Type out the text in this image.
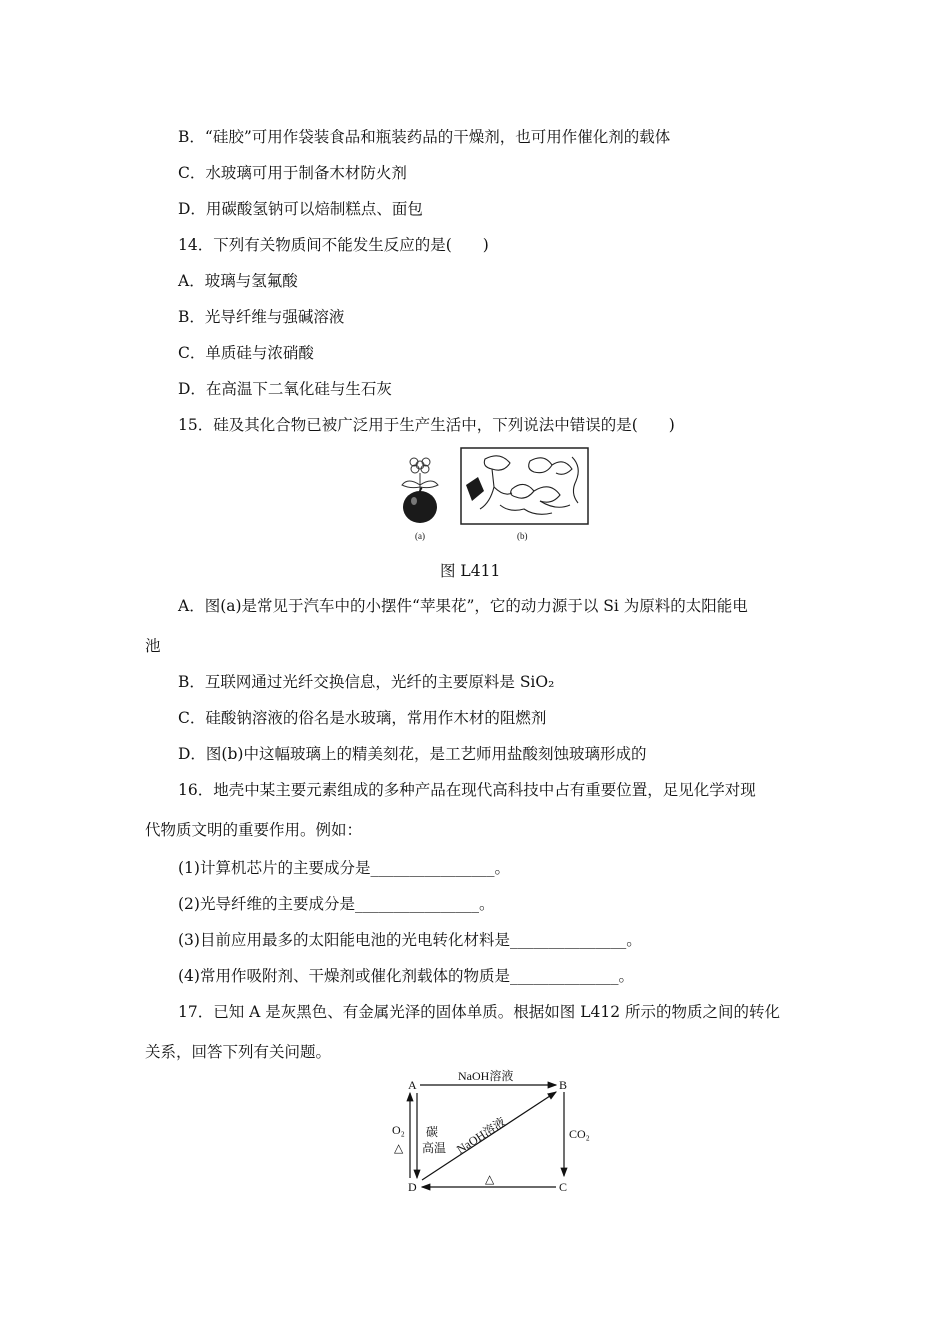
B．“硅胶”可用作袋装食品和瓶装药品的干燥剂，也可用作催化剂的载体
C．水玻璃可用于制备木材防火剂
D．用碳酸氢钠可以焙制糕点、面包
14．下列有关物质间不能发生反应的是(　　)
A．玻璃与氢氟酸
B．光导纤维与强碱溶液
C．单质硅与浓硝酸
D．在高温下二氧化硅与生石灰
15．硅及其化合物已被广泛用于生产生活中，下列说法中错误的是(　　)
(a)	(b)
图 L411
A．图(a)是常见于汽车中的小摆件“苹果花”，它的动力源于以 Si 为原料的太阳能电
池
B．互联网通过光纤交换信息，光纤的主要原料是 SiO₂
C．硅酸钠溶液的俗名是水玻璃，常用作木材的阻燃剂
D．图(b)中这幅玻璃上的精美刻花，是工艺师用盐酸刻蚀玻璃形成的
16．地壳中某主要元素组成的多种产品在现代高科技中占有重要位置，足见化学对现
代物质文明的重要作用。例如：
(1)计算机芯片的主要成分是________________。
(2)光导纤维的主要成分是________________。
(3)目前应用最多的太阳能电池的光电转化材料是_______________。
(4)常用作吸附剂、干燥剂或催化剂载体的物质是______________。
17．已知 A 是灰黑色、有金属光泽的固体单质。根据如图 L412 所示的物质之间的转化
关系，回答下列有关问题。
A	B
C
D
NaOH溶液
CO₂
△
O₂
△
碳
高温 NaOH溶液
